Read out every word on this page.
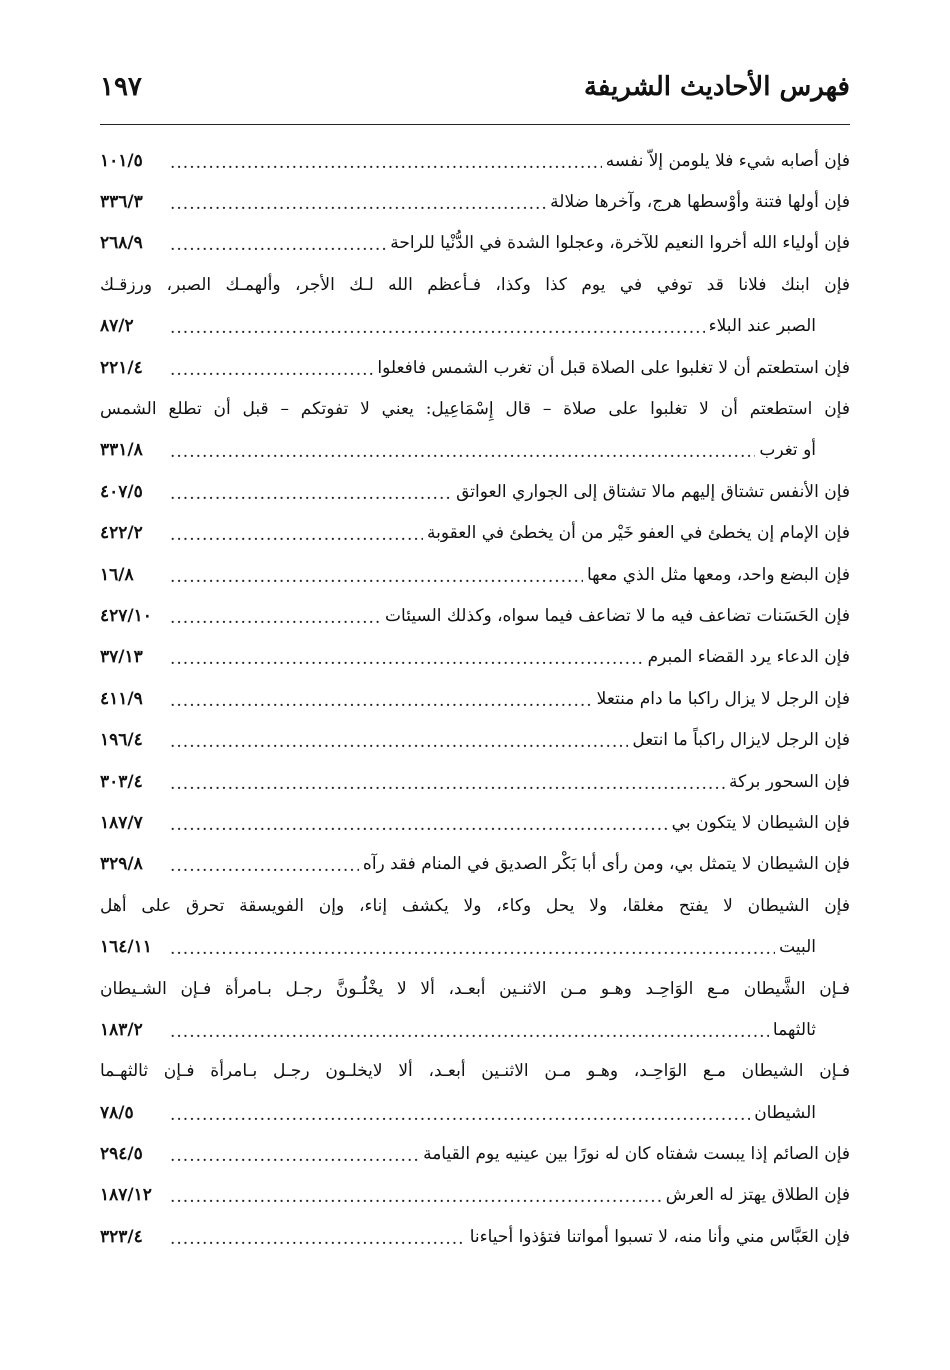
فهرس الأحاديث الشريفة
١٩٧
فإن أصابه شيء فلا يلومن إلاّ نفسه
.....
١٠١/٥
فإن أولها فتنة وأوْسطها هرج، وآخرها ضلالة
.....
٣٣٦/٣
فإن أولياء الله أخروا النعيم للآخرة، وعجلوا الشدة في الدُّنْيا للراحة
.....
٢٦٨/٩
فإن ابنك فلانا قد توفي في يوم كذا وكذا، فـأعظم الله لـك الأجر، وألهمـك الصبر، ورزقـك
الصبر عند البلاء
.....
٨٧/٢
فإن استطعتم أن لا تغلبوا على الصلاة قبل أن تغرب الشمس فافعلوا
.....
٢٢١/٤
فإن استطعتم أن لا تغلبوا على صلاة – قال إِسْمَاعِيل: يعني لا تفوتكم – قبل أن تطلع الشمس
أو تغرب
.....
٣٣١/٨
فإن الأنفس تشتاق إليهم مالا تشتاق إلى الجواري العواتق
.....
٤٠٧/٥
فإن الإمام إن يخطئ في العفو خَيْر من أن يخطئ في العقوبة
.....
٤٢٢/٢
فإن البضع واحد، ومعها مثل الذي معها
.....
١٦/٨
فإن الحَسَنات تضاعف فيه ما لا تضاعف فيما سواه، وكذلك السيئات
.....
٤٢٧/١٠
فإن الدعاء يرد القضاء المبرم
.....
٣٧/١٣
فإن الرجل لا يزال راكبا ما دام منتعلا
.....
٤١١/٩
فإن الرجل لايزال راكباً ما انتعل
.....
١٩٦/٤
فإن السحور بركة
.....
٣٠٣/٤
فإن الشيطان لا يتكون بي
.....
١٨٧/٧
فإن الشيطان لا يتمثل بي، ومن رأى أبا بَكْر الصديق في المنام فقد رآه
.....
٣٢٩/٨
فإن الشيطان لا يفتح مغلقا، ولا يحل وكاء، ولا يكشف إناء، وإن الفويسقة تحرق على أهل
البيت
.....
١٦٤/١١
فـإن الشَّيطان مـع الوَاحِـد وهـو مـن الاثنـين أبعـد، ألا لا يخْلُـونَّ رجـل بـامرأة فـإن الشـيطان
ثالثهما
.....
١٨٣/٢
فـإن الشيطان مـع الوَاحِـد، وهـو مـن الاثنـين أبعـد، ألا لايخلـون رجـل بـامرأة فـإن ثالثهـما
الشيطان
.....
٧٨/٥
فإن الصائم إذا يبست شفتاه كان له نورًا بين عينيه يوم القيامة
.....
٢٩٤/٥
فإن الطلاق يهتز له العرش
.....
١٨٧/١٢
فإن العَبَّاس مني وأنا منه، لا تسبوا أمواتنا فتؤذوا أحياءنا
.....
٣٢٣/٤
